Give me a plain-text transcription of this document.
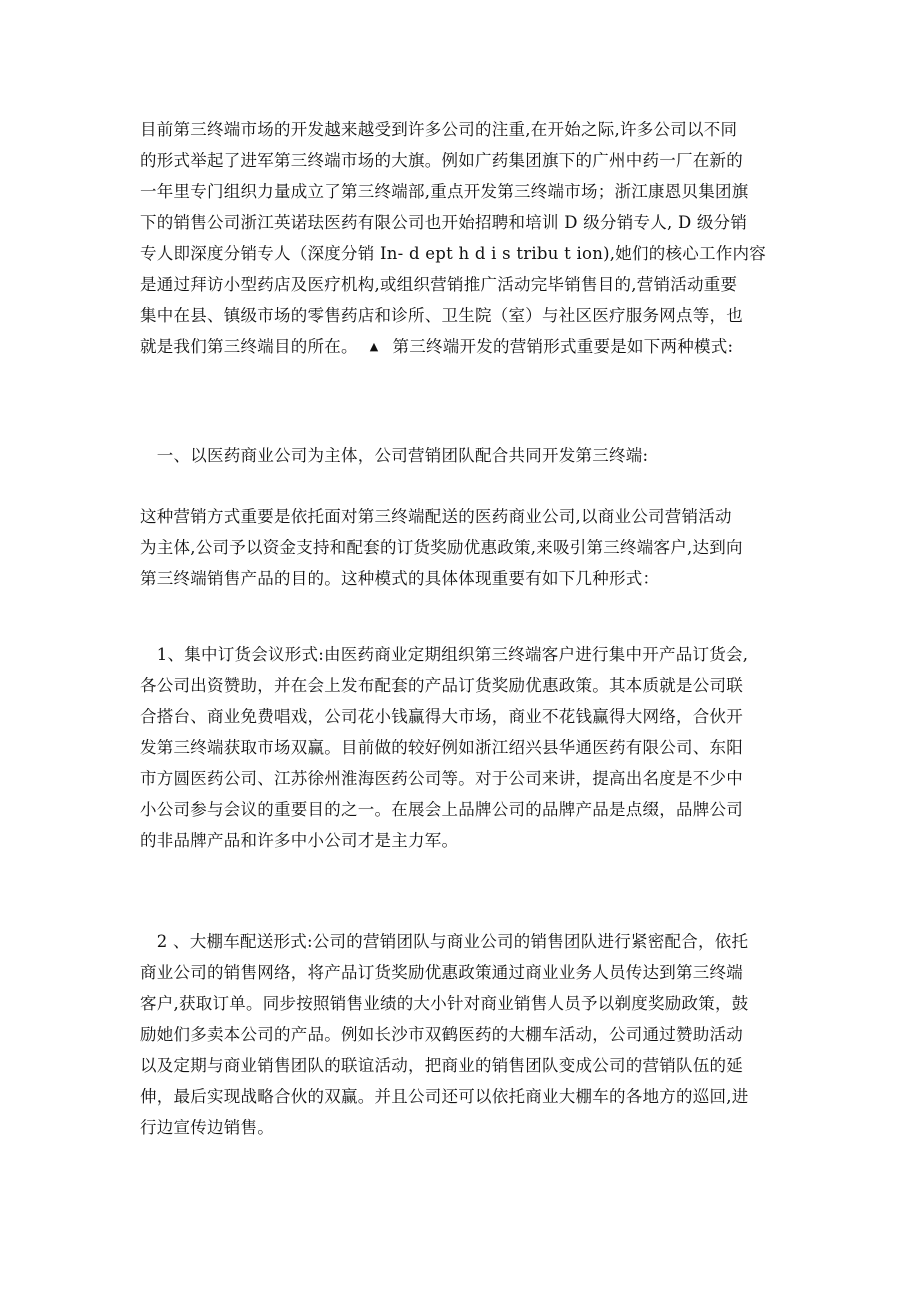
目前第三终端市场的开发越来越受到许多公司的注重,在开始之际,许多公司以不同
的形式举起了进军第三终端市场的大旗。例如广药集团旗下的广州中药一厂在新的
一年里专门组织力量成立了第三终端部,重点开发第三终端市场；浙江康恩贝集团旗
下的销售公司浙江英诺珐医药有限公司也开始招聘和培训 D 级分销专人, D 级分销
专人即深度分销专人（深度分销 In- d ept h d i s tribu t ion),她们的核心工作内容
是通过拜访小型药店及医疗机构,或组织营销推广活动完毕销售目的,营销活动重要
集中在县、镇级市场的零售药店和诊所、卫生院（室）与社区医疗服务网点等，也
就是我们第三终端目的所在。 ▲ 第三终端开发的营销形式重要是如下两种模式:
　一、以医药商业公司为主体，公司营销团队配合共同开发第三终端:
这种营销方式重要是依托面对第三终端配送的医药商业公司,以商业公司营销活动
为主体,公司予以资金支持和配套的订货奖励优惠政策,来吸引第三终端客户,达到向
第三终端销售产品的目的。这种模式的具体体现重要有如下几种形式：
　1、集中订货会议形式:由医药商业定期组织第三终端客户进行集中开产品订货会,
各公司出资赞助，并在会上发布配套的产品订货奖励优惠政策。其本质就是公司联
合搭台、商业免费唱戏，公司花小钱赢得大市场，商业不花钱赢得大网络，合伙开
发第三终端获取市场双赢。目前做的较好例如浙江绍兴县华通医药有限公司、东阳
市方圆医药公司、江苏徐州淮海医药公司等。对于公司来讲，提高出名度是不少中
小公司参与会议的重要目的之一。在展会上品牌公司的品牌产品是点缀，品牌公司
的非品牌产品和许多中小公司才是主力军。
　2 、大棚车配送形式:公司的营销团队与商业公司的销售团队进行紧密配合，依托
商业公司的销售网络，将产品订货奖励优惠政策通过商业业务人员传达到第三终端
客户,获取订单。同步按照销售业绩的大小针对商业销售人员予以剃度奖励政策，鼓
励她们多卖本公司的产品。例如长沙市双鹤医药的大棚车活动，公司通过赞助活动
以及定期与商业销售团队的联谊活动，把商业的销售团队变成公司的营销队伍的延
伸，最后实现战略合伙的双赢。并且公司还可以依托商业大棚车的各地方的巡回,进
行边宣传边销售。
